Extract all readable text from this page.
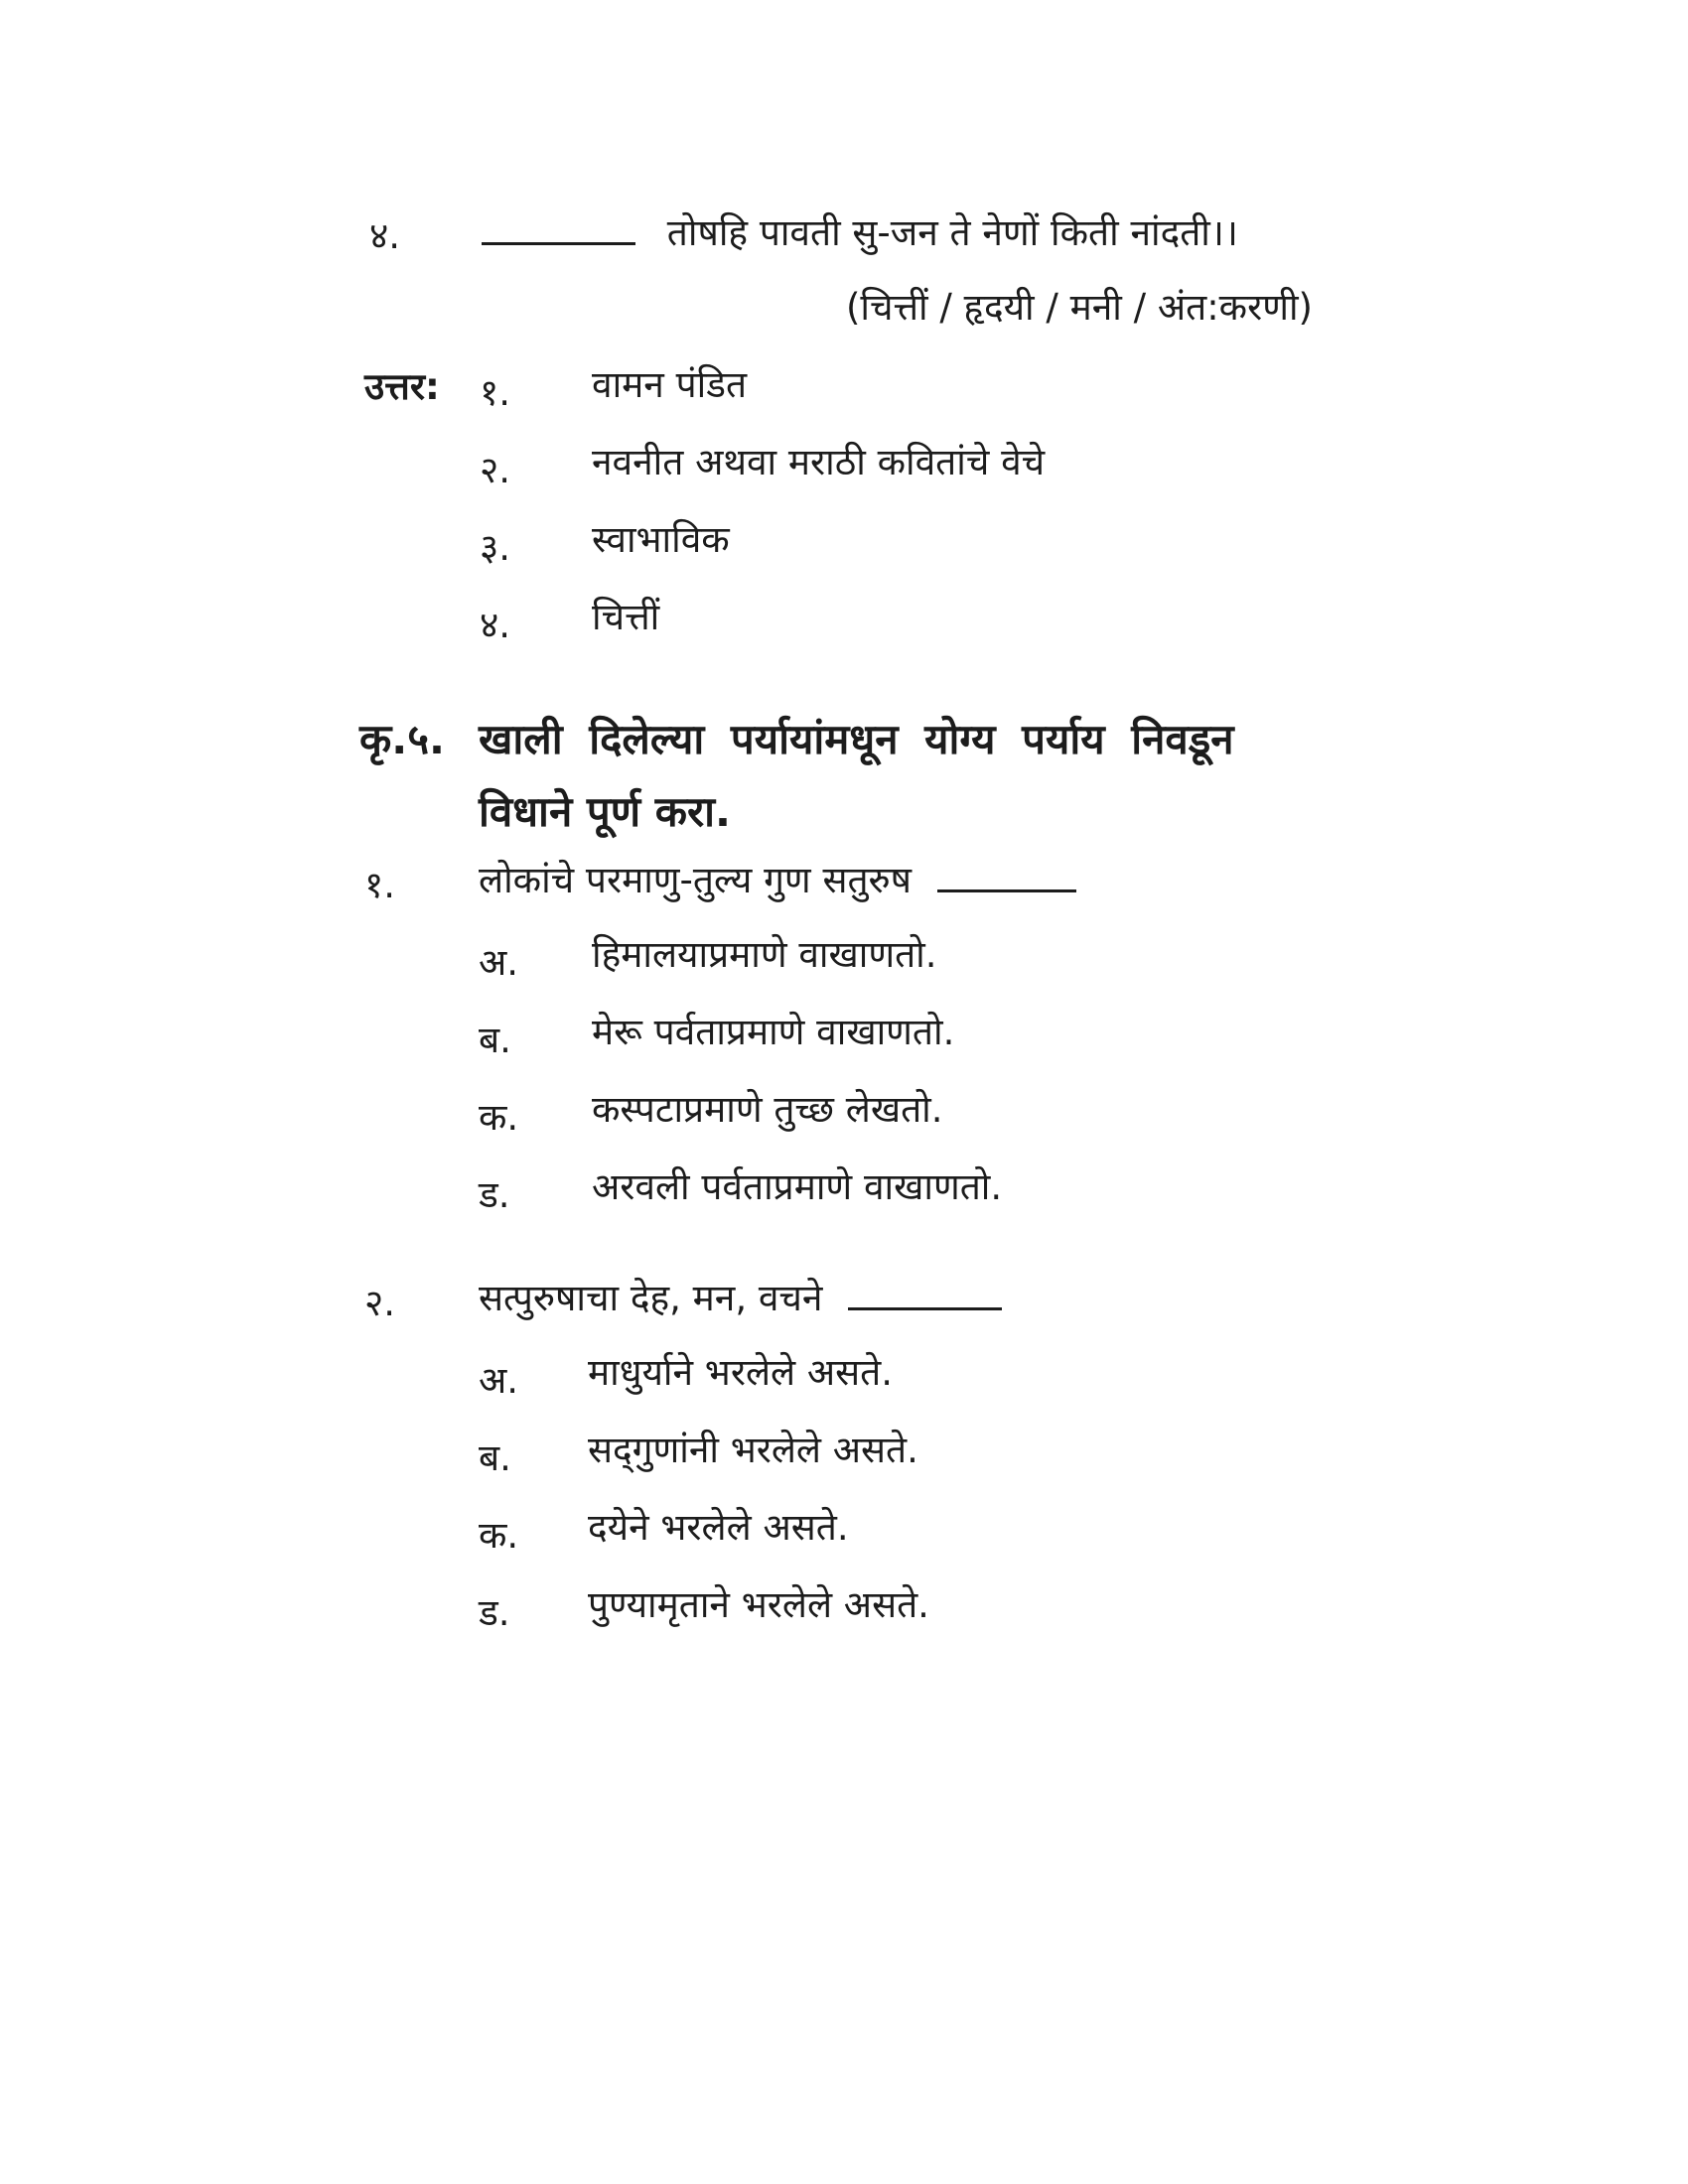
४.	तोषहि पावती सु-जन ते नेणों किती नांदती।।
(चित्तीं / हृदयी / मनी / अंत:करणी)
उत्तर: १. वामन पंडित
२. नवनीत अथवा मराठी कवितांचे वेचे
३. स्वाभाविक
४. चित्तीं
कृ.५. खाली दिलेल्या पर्यायांमधून योग्य पर्याय निवडून
विधाने पूर्ण करा.
१. लोकांचे परमाणु-तुल्य गुण सतुरुष
अ. हिमालयाप्रमाणे वाखाणतो.
ब. मेरू पर्वताप्रमाणे वाखाणतो.
क. कस्पटाप्रमाणे तुच्छ लेखतो.
ड. अरवली पर्वताप्रमाणे वाखाणतो.
२. सत्पुरुषाचा देह, मन, वचने
अ. माधुर्याने भरलेले असते.
ब. सद्‌गुणांनी भरलेले असते.
क. दयेने भरलेले असते.
ड. पुण्यामृताने भरलेले असते.
